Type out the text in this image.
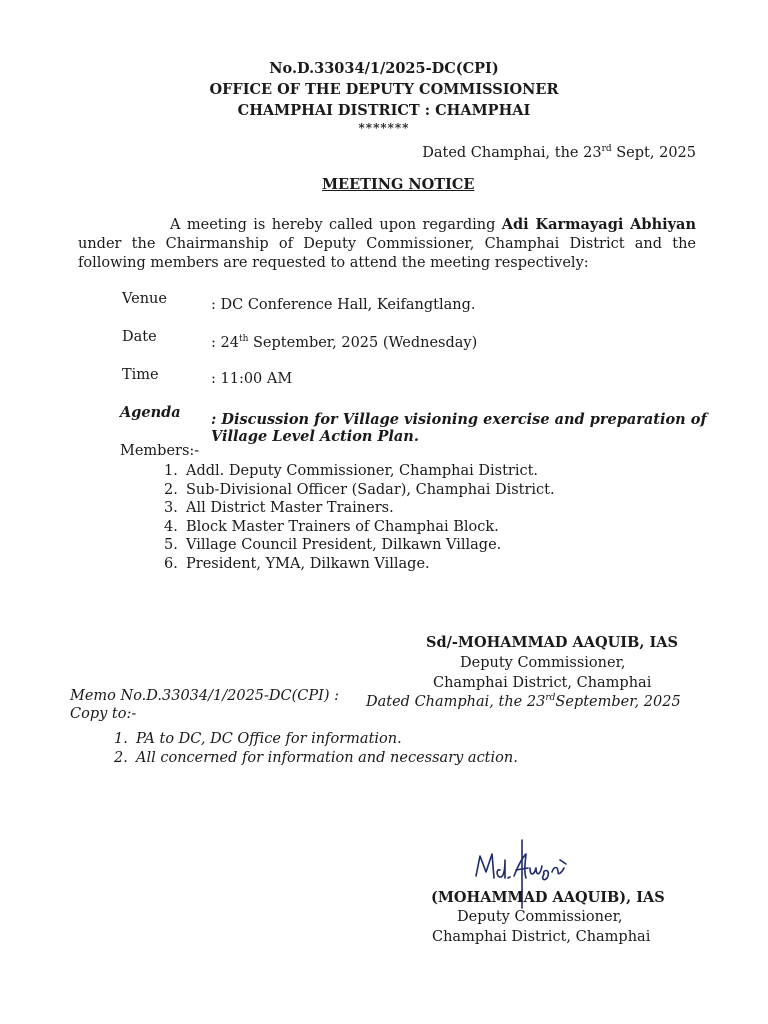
No.D.33034/1/2025-DC(CPI)
OFFICE OF THE DEPUTY COMMISSIONER
CHAMPHAI DISTRICT : CHAMPHAI
*******
Dated Champhai, the 23rd Sept, 2025
MEETING NOTICE
A meeting is hereby called upon regarding Adi Karmayagi Abhiyan under the Chairmanship of Deputy Commissioner, Champhai District and the following members are requested to attend the meeting respectively:
Venue	: DC Conference Hall, Keifangtlang.
Date	: 24th September, 2025 (Wednesday)
Time	: 11:00 AM
Agenda : Discussion for Village visioning exercise and preparation of
Village Level Action Plan.
Members:-
1. Addl. Deputy Commissioner, Champhai District.
2. Sub-Divisional Officer (Sadar), Champhai District.
3. All District Master Trainers.
4. Block Master Trainers of Champhai Block.
5. Village Council President, Dilkawn Village.
6. President, YMA, Dilkawn Village.
Sd/-MOHAMMAD AAQUIB, IAS
Deputy Commissioner,
Champhai District, Champhai
Memo No.D.33034/1/2025-DC(CPI) : Dated Champhai, the 23rdSeptember, 2025
Copy to:-
1. PA to DC, DC Office for information.
2. All concerned for information and necessary action.
(MOHAMMAD AAQUIB), IAS
Deputy Commissioner,
Champhai District, Champhai
